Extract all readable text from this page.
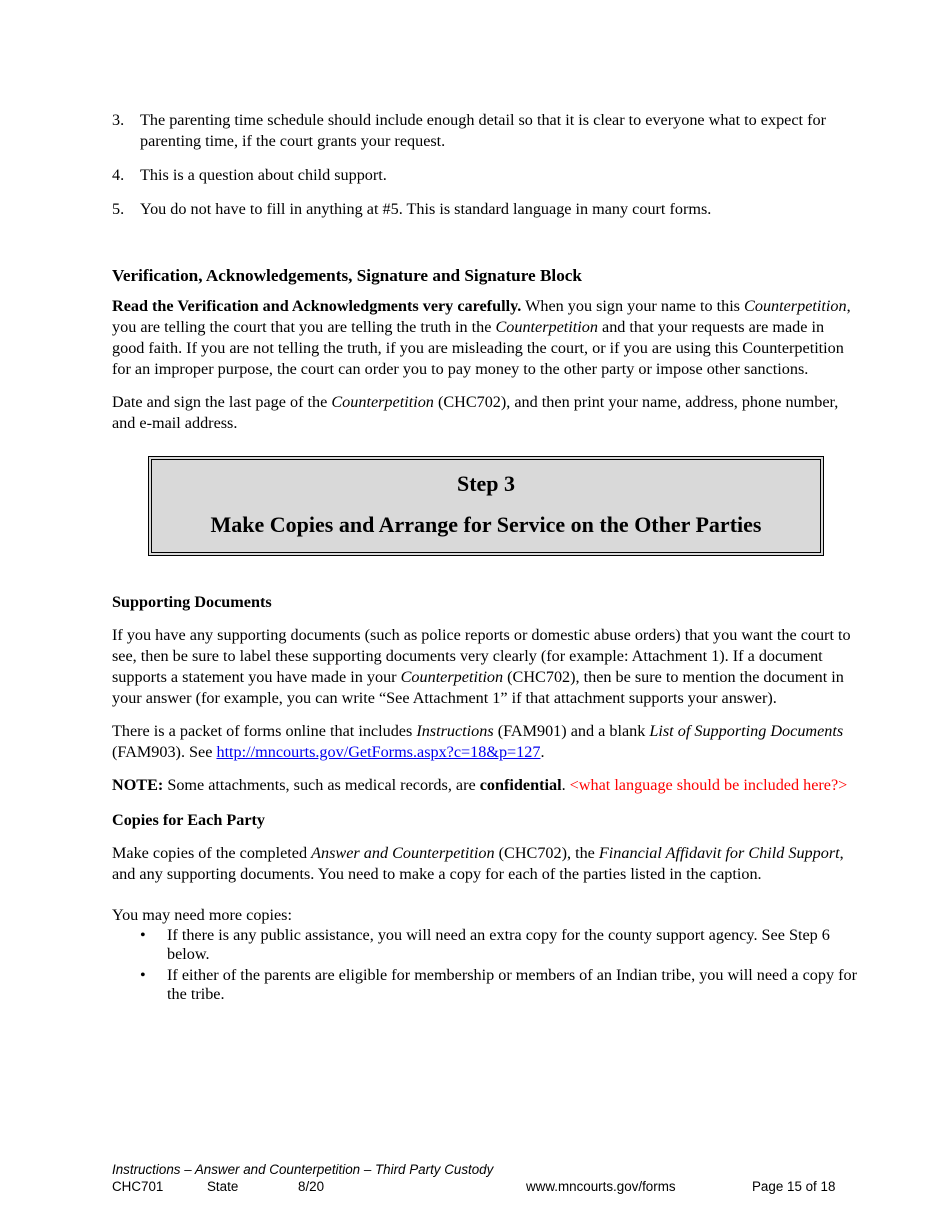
3. The parenting time schedule should include enough detail so that it is clear to everyone what to expect for parenting time, if the court grants your request.
4. This is a question about child support.
5. You do not have to fill in anything at #5. This is standard language in many court forms.
Verification, Acknowledgements, Signature and Signature Block

Read the Verification and Acknowledgments very carefully. When you sign your name to this Counterpetition, you are telling the court that you are telling the truth in the Counterpetition and that your requests are made in good faith. If you are not telling the truth, if you are misleading the court, or if you are using this Counterpetition for an improper purpose, the court can order you to pay money to the other party or impose other sanctions.

Date and sign the last page of the Counterpetition (CHC702), and then print your name, address, phone number, and e-mail address.

Step 3
Make Copies and Arrange for Service on the Other Parties
Supporting Documents

If you have any supporting documents (such as police reports or domestic abuse orders) that you want the court to see, then be sure to label these supporting documents very clearly (for example: Attachment 1). If a document supports a statement you have made in your Counterpetition (CHC702), then be sure to mention the document in your answer (for example, you can write “See Attachment 1” if that attachment supports your answer).

There is a packet of forms online that includes Instructions (FAM901) and a blank List of Supporting Documents (FAM903). See http://mncourts.gov/GetForms.aspx?c=18&p=127.

NOTE: Some attachments, such as medical records, are confidential. <what language should be included here?>

Copies for Each Party

Make copies of the completed Answer and Counterpetition (CHC702), the Financial Affidavit for Child Support, and any supporting documents. You need to make a copy for each of the parties listed in the caption.

You may need more copies:

• If there is any public assistance, you will need an extra copy for the county support agency. See Step 6 below.
• If either of the parents are eligible for membership or members of an Indian tribe, you will need a copy for the tribe.
Instructions – Answer and Counterpetition – Third Party Custody
CHC701	State	8/20	www.mncourts.gov/forms	Page 15 of 18
